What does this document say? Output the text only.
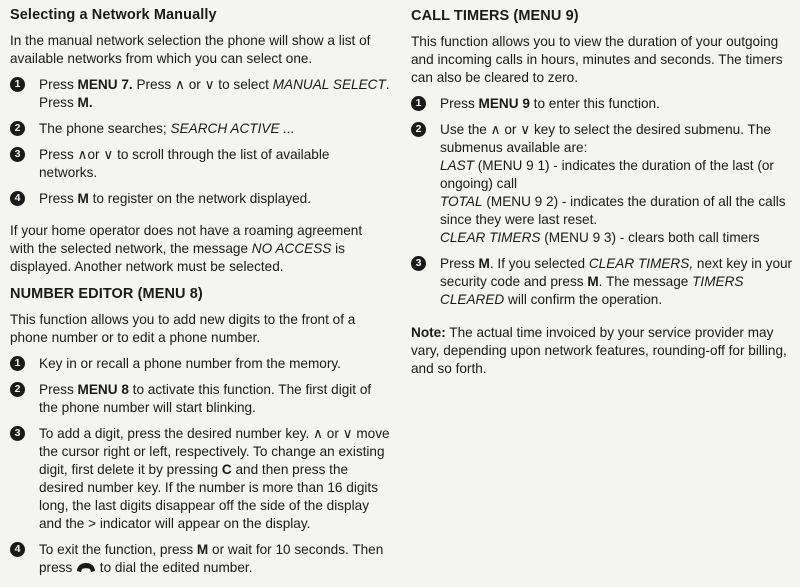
Selecting a Network Manually

In the manual network selection the phone will show a list of available networks from which you can select one.

1	Press MENU 7. Press ∧ or ∨ to select MANUAL SELECT. Press M.
2	The phone searches; SEARCH ACTIVE ...
3	Press ∧or ∨ to scroll through the list of available networks.
4	Press M to register on the network displayed.

If your home operator does not have a roaming agreement with the selected network, the message NO ACCESS is displayed. Another network must be selected.

NUMBER EDITOR (MENU 8)

This function allows you to add new digits to the front of a phone number or to edit a phone number.

1	Key in or recall a phone number from the memory.
2	Press MENU 8 to activate this function. The first digit of the phone number will start blinking.
3	To add a digit, press the desired number key. ∧ or ∨ move the cursor right or left, respectively. To change an existing digit, first delete it by pressing C and then press the desired number key. If the number is more than 16 digits long, the last digits disappear off the side of the display and the > indicator will appear on the display.
4	To exit the function, press M or wait for 10 seconds. Then press  to dial the edited number.
CALL TIMERS (MENU 9)

This function allows you to view the duration of your outgoing and incoming calls in hours, minutes and seconds. The timers can also be cleared to zero.

1	Press MENU 9 to enter this function.
2	Use the ∧ or ∨ key to select the desired submenu. The submenus available are:
LAST (MENU 9 1) - indicates the duration of the last (or ongoing) call
TOTAL (MENU 9 2) - indicates the duration of all the calls since they were last reset.
CLEAR TIMERS (MENU 9 3) - clears both call timers
3	Press M. If you selected CLEAR TIMERS, next key in your security code and press M. The message TIMERS CLEARED will confirm the operation.

Note: The actual time invoiced by your service provider may vary, depending upon network features, rounding-off for billing, and so forth.
